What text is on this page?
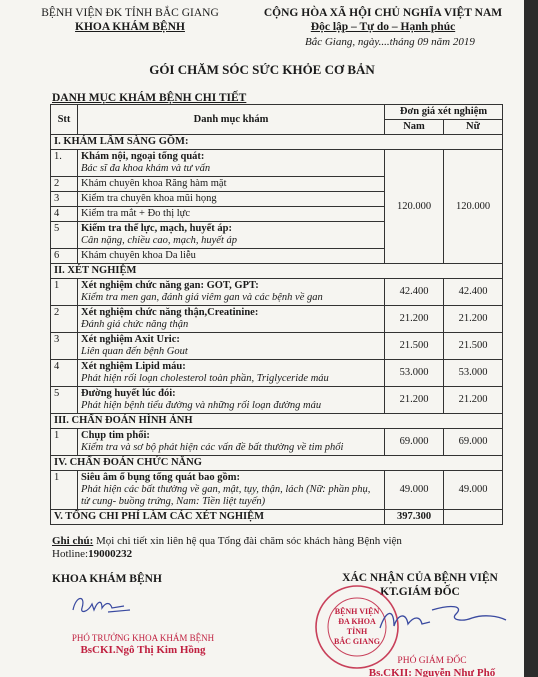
BỆNH VIỆN ĐK TỈNH BẮC GIANG
KHOA KHÁM BỆNH
CỘNG HÒA XÃ HỘI CHỦ NGHĨA VIỆT NAM
Độc lập – Tự do – Hạnh phúc
Bắc Giang, ngày....tháng 09 năm 2019
GÓI CHĂM SÓC SỨC KHỎE CƠ BẢN
DANH MỤC KHÁM BỆNH CHI TIẾT
Stt	Danh mục khám	Đơn giá xét nghiệm	
		Nam	Nữ
I. KHÁM LÂM SÀNG GỒM:			
1.	Khám nội, ngoại tổng quát:
Bác sĩ đa khoa khám và tư vấn	120.000	120.000
2	Khám chuyên khoa Răng hàm mặt		
3	Kiểm tra chuyên khoa mũi họng		
4	Kiểm tra mắt + Đo thị lực		
5	Kiểm tra thể lực, mạch, huyết áp:
Cân nặng, chiều cao, mạch, huyết áp		

6	Khám chuyên khoa Da liễu		
II. XÉT NGHIỆM			
1	Xét nghiệm chức năng gan: GOT, GPT:
Kiểm tra men gan, đánh giá viêm gan và các bệnh về gan	42.400	42.400
2	Xét nghiệm chức năng thận,Creatinine:
Đánh giá chức năng thận	21.200	21.200
3	Xét nghiệm Axit Uric:
Liên quan đến bệnh Gout	21.500	21.500
4	Xét nghiệm Lipid máu:
Phát hiện rối loạn cholesterol toàn phần, Triglyceride máu	53.000	53.000
5	Đường huyết lúc đói:
Phát hiện bệnh tiểu đường và những rối loạn đường máu	21.200	21.200
III. CHẨN ĐOÁN HÌNH ẢNH			
1	Chụp tim phổi:
Kiểm tra và sơ bộ phát hiện các vấn đề bất thường về tim phổi	69.000	69.000
IV. CHẨN ĐOÁN CHỨC NĂNG			
1	Siêu âm ổ bụng tổng quát bao gồm:
Phát hiện các bất thường về gan, mật, tụy, thận, lách (Nữ: phần phụ, tử cung- buồng trứng, Nam: Tiền liệt tuyến)	49.000	49.000
V. TỔNG CHI PHÍ LÀM CÁC XÉT NGHIỆM		397.300	
Ghi chú: Mọi chi tiết xin liên hệ qua Tổng đài chăm sóc khách hàng Bệnh viện
Hotline:19000232
KHOA KHÁM BỆNH
PHÓ TRƯỞNG KHOA KHÁM BỆNH
BsCKI.Ngô Thị Kim Hồng
XÁC NHẬN CỦA BỆNH VIỆN
KT.GIÁM ĐỐC
BỆNH VIỆN
ĐA KHOA
TỈNH
BẮC GIANG
PHÓ GIÁM ĐỐC
Bs.CKII: Nguyễn Như Phố
